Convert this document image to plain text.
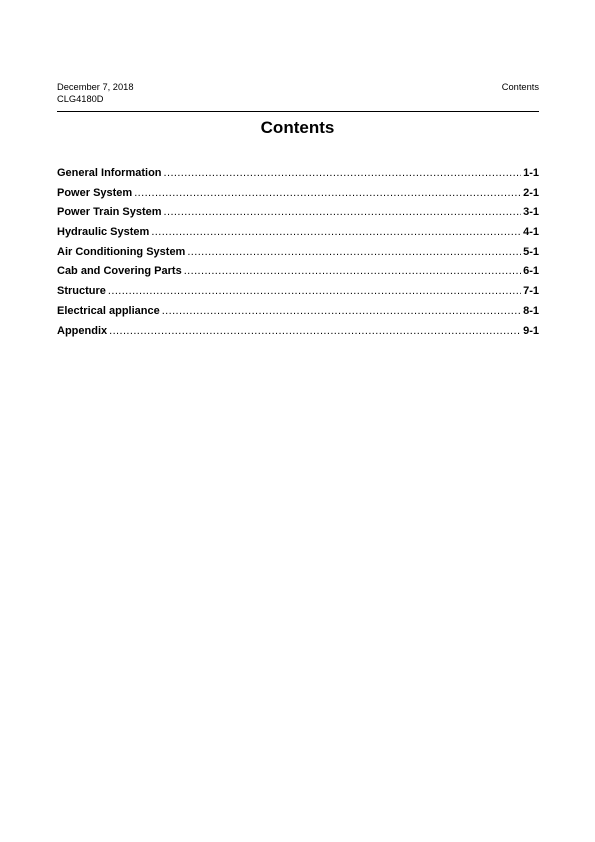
December 7, 2018
CLG4180D
Contents
Contents
General Information .....	1-1
Power System .....	2-1
Power Train System .....	3-1
Hydraulic System .....	4-1
Air Conditioning System .....	5-1
Cab and Covering Parts .....	6-1
Structure .....	7-1
Electrical appliance .....	8-1
Appendix .....	9-1
